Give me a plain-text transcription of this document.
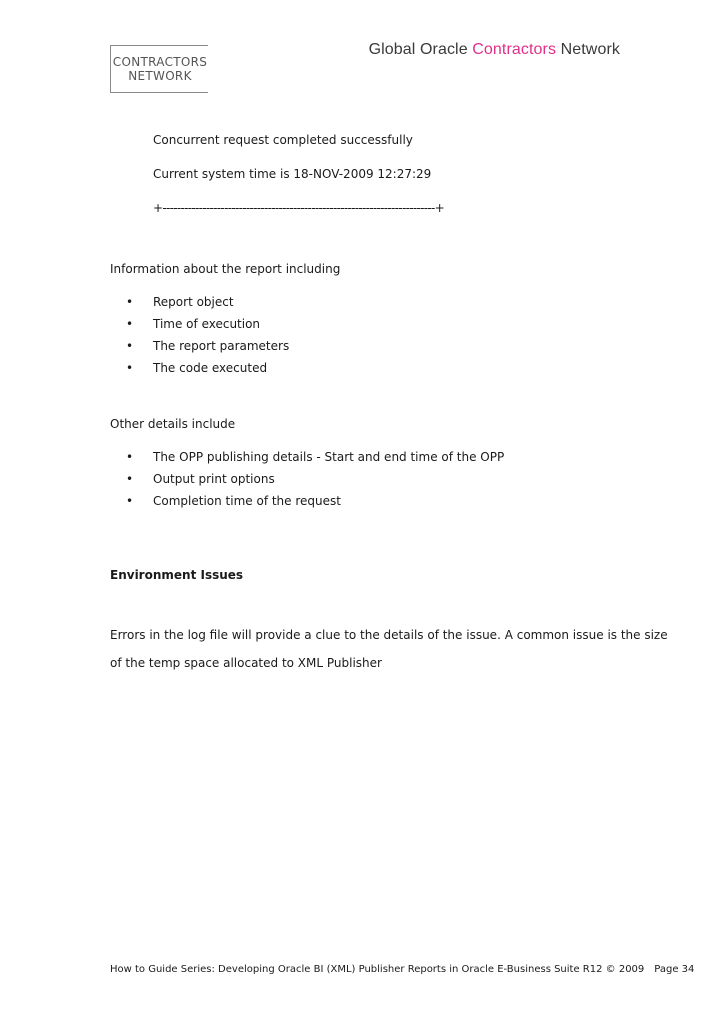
CONTRACTORS
NETWORK
Global Oracle Contractors Network
Concurrent request completed successfully
Current system time is 18-NOV-2009 12:27:29
+---------------------------------------------------------------------------+
Information about the report including
• Report object
• Time of execution
• The report parameters
• The code executed
Other details include
• The OPP publishing details - Start and end time of the OPP
• Output print options
• Completion time of the request
Environment Issues
Errors in the log file will provide a clue to the details of the issue. A common issue is the size
of the temp space allocated to XML Publisher
How to Guide Series: Developing Oracle BI (XML) Publisher Reports in Oracle E-Business Suite R12 © 2009 Page 34
